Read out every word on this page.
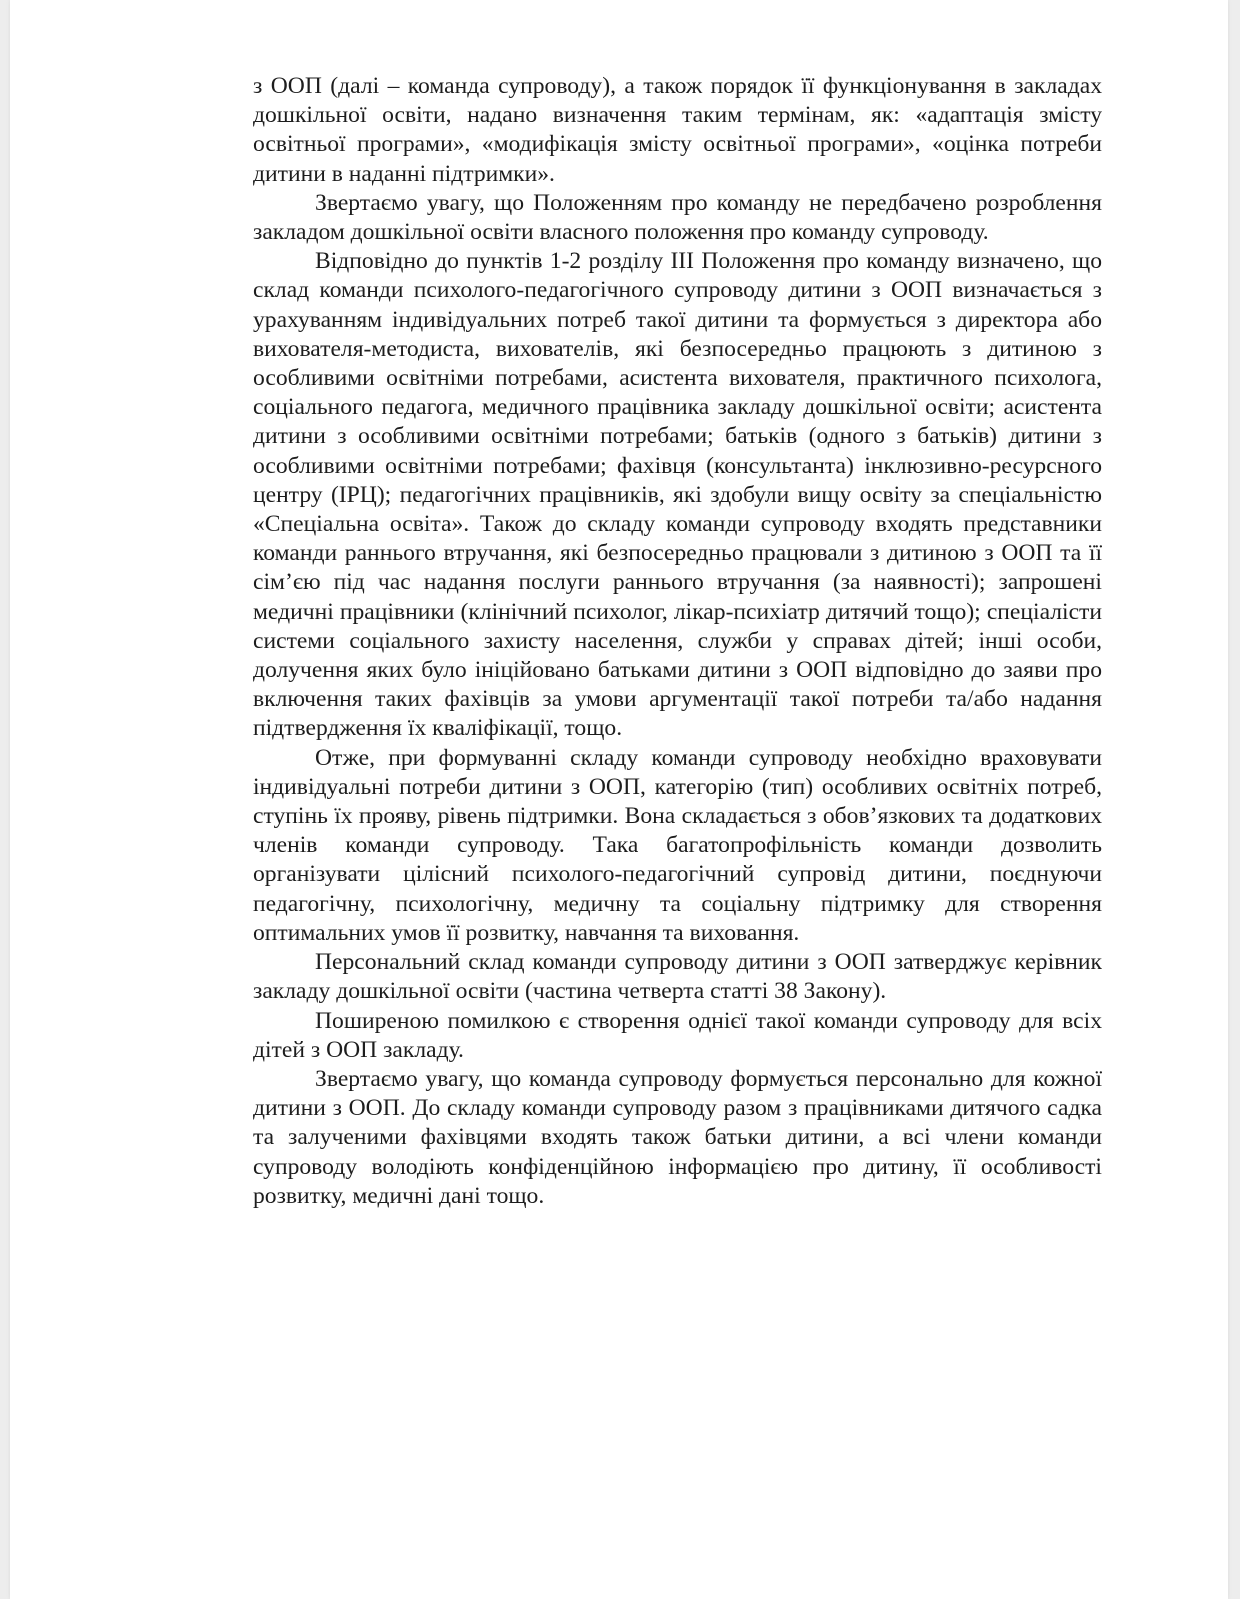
з ООП (далі – команда супроводу), а також порядок її функціонування в закладах дошкільної освіти, надано визначення таким термінам, як: «адаптація змісту освітньої програми», «модифікація змісту освітньої програми», «оцінка потреби дитини в наданні підтримки».

Звертаємо увагу, що Положенням про команду не передбачено розроблення закладом дошкільної освіти власного положення про команду супроводу.

Відповідно до пунктів 1-2 розділу ІІІ Положення про команду визначено, що склад команди психолого-педагогічного супроводу дитини з ООП визначається з урахуванням індивідуальних потреб такої дитини та формується з директора або вихователя-методиста, вихователів, які безпосередньо працюють з дитиною з особливими освітніми потребами, асистента вихователя, практичного психолога, соціального педагога, медичного працівника закладу дошкільної освіти; асистента дитини з особливими освітніми потребами; батьків (одного з батьків) дитини з особливими освітніми потребами; фахівця (консультанта) інклюзивно-ресурсного центру (ІРЦ); педагогічних працівників, які здобули вищу освіту за спеціальністю «Спеціальна освіта». Також до складу команди супроводу входять представники команди раннього втручання, які безпосередньо працювали з дитиною з ООП та її сім’єю під час надання послуги раннього втручання (за наявності); запрошені медичні працівники (клінічний психолог, лікар-психіатр дитячий тощо); спеціалісти системи соціального захисту населення, служби у справах дітей; інші особи, долучення яких було ініційовано батьками дитини з ООП відповідно до заяви про включення таких фахівців за умови аргументації такої потреби та/або надання підтвердження їх кваліфікації, тощо.

Отже, при формуванні складу команди супроводу необхідно враховувати індивідуальні потреби дитини з ООП, категорію (тип) особливих освітніх потреб, ступінь їх прояву, рівень підтримки. Вона складається з обов’язкових та додаткових членів команди супроводу. Така багатопрофільність команди дозволить організувати цілісний психолого-педагогічний супровід дитини, поєднуючи педагогічну, психологічну, медичну та соціальну підтримку для створення оптимальних умов її розвитку, навчання та виховання.

Персональний склад команди супроводу дитини з ООП затверджує керівник закладу дошкільної освіти (частина четверта статті 38 Закону).

Поширеною помилкою є створення однієї такої команди супроводу для всіх дітей з ООП закладу.

Звертаємо увагу, що команда супроводу формується персонально для кожної дитини з ООП. До складу команди супроводу разом з працівниками дитячого садка та залученими фахівцями входять також батьки дитини, а всі члени команди супроводу володіють конфіденційною інформацією про дитину, її особливості розвитку, медичні дані тощо.
